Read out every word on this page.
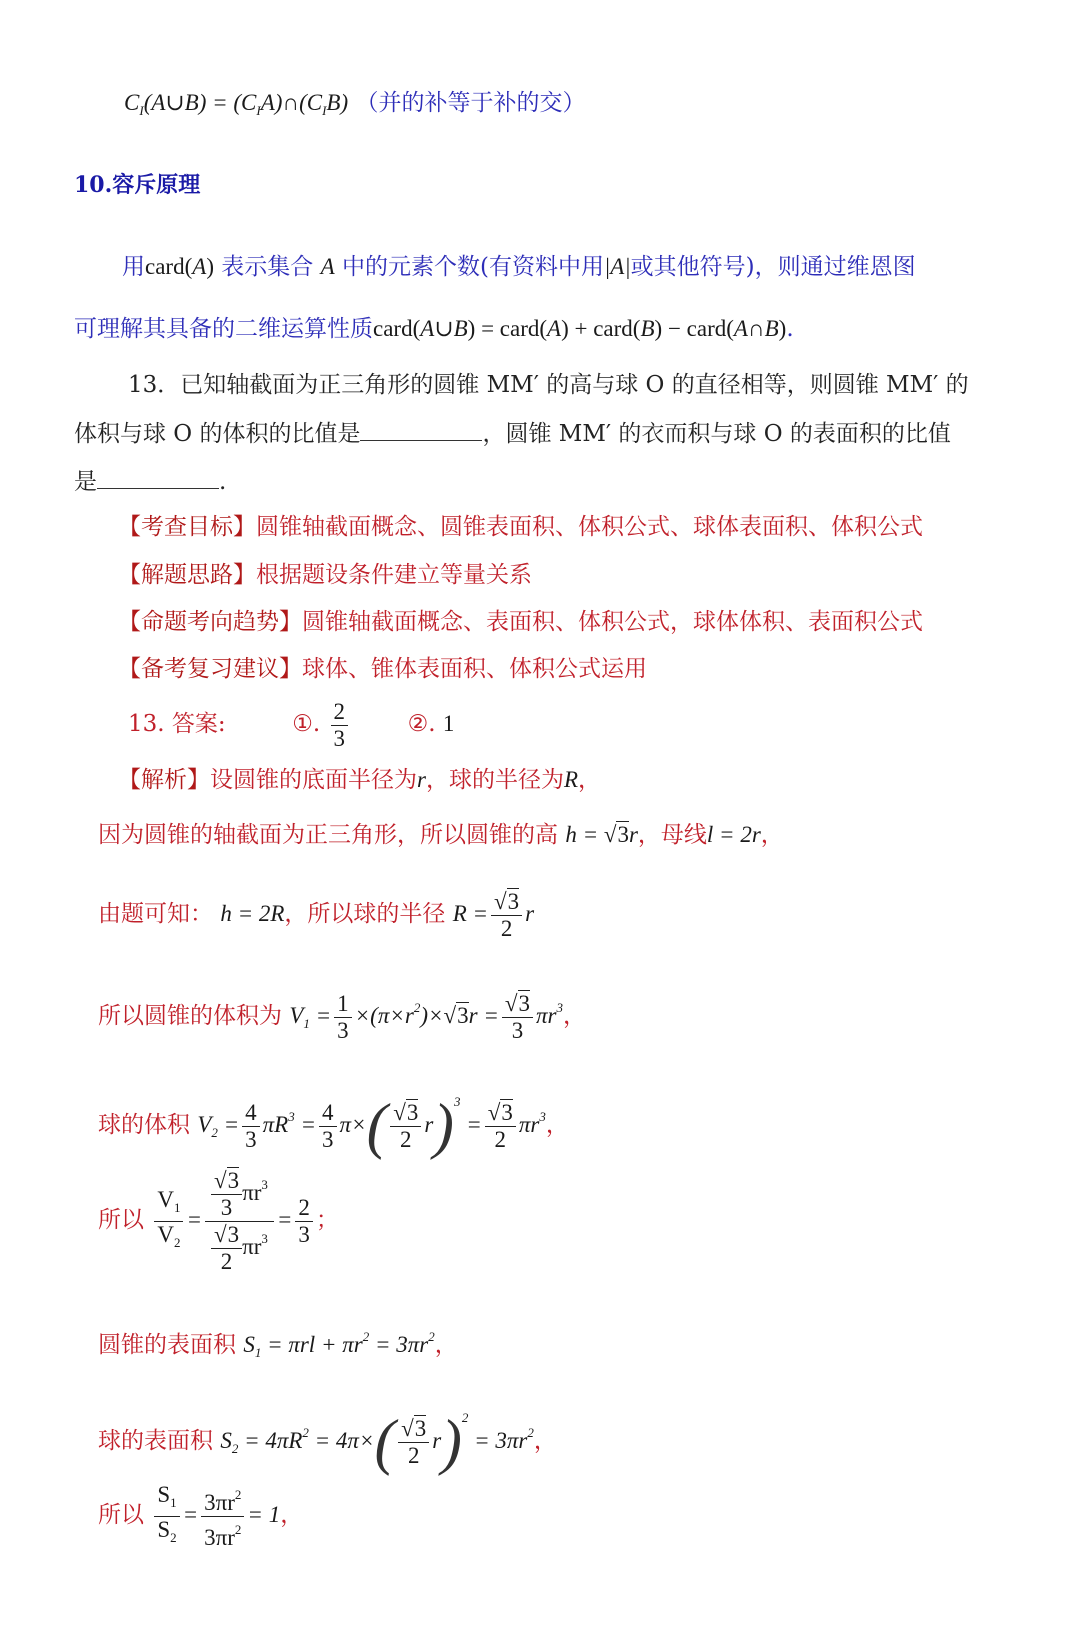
$C_I(A\cup B)$ = $(C_IA)\cap(C_IB)$ （并的补等于补的交）
10.容斥原理
用card(A) 表示集合 A 中的元素个数(有资料中用|A|或其他符号)，则通过维恩图
可理解其具备的二维运算性质card(A∪B) = card(A) + card(B) − card(A∩B).
13．已知轴截面为正三角形的圆锥 MM′ 的高与球 O 的直径相等，则圆锥 MM′ 的
体积与球 O 的体积的比值是	，圆锥 MM′ 的衣而积与球 O 的表面积的比值
是	.
【考查目标】圆锥轴截面概念、圆锥表面积、体积公式、球体表面积、体积公式
【解题思路】根据题设条件建立等量关系
【命题考向趋势】圆锥轴截面概念、表面积、体积公式，球体体积、表面积公式
【备考复习建议】球体、锥体表面积、体积公式运用
13. 答案:	①. $\frac{2}{3}$	②. 1
【解析】设圆锥的底面半径为r，球的半径为R，
因为圆锥的轴截面为正三角形，所以圆锥的高 h = √3r，母线l = 2r，
由题可知： h = 2R，所以球的半径 $R = \frac{√3}{2}$ r
所以圆锥的体积为 $V_1 = \frac{1}{3} \times(\pi\times r^2)\times√3r = \frac{√3}{3} \pi r^3$，
球的体积 $V_2 = \frac{4}{3} \pi R^3 = \frac{4}{3} \pi\times( \frac{√3}{2} r)^3 = \frac{√3}{2} \pi r^3$，
所以 $\frac{V_1}{V_2} = \frac{\frac{√3}{3} \pi r^3}{\frac{√3}{2} \pi r^3} = \frac{2}{3}$ ；
圆锥的表面积 $S_1 = \pi rl + \pi r^2 = 3\pi r^2$，
球的表面积 $S_2 = 4\pi R^2 = 4\pi\times( \frac{√3}{2} r)^2 = 3\pi r^2$，
所以 $\frac{S_1}{S_2} = \frac{3\pi r^2}{3\pi r^2} = 1$，
